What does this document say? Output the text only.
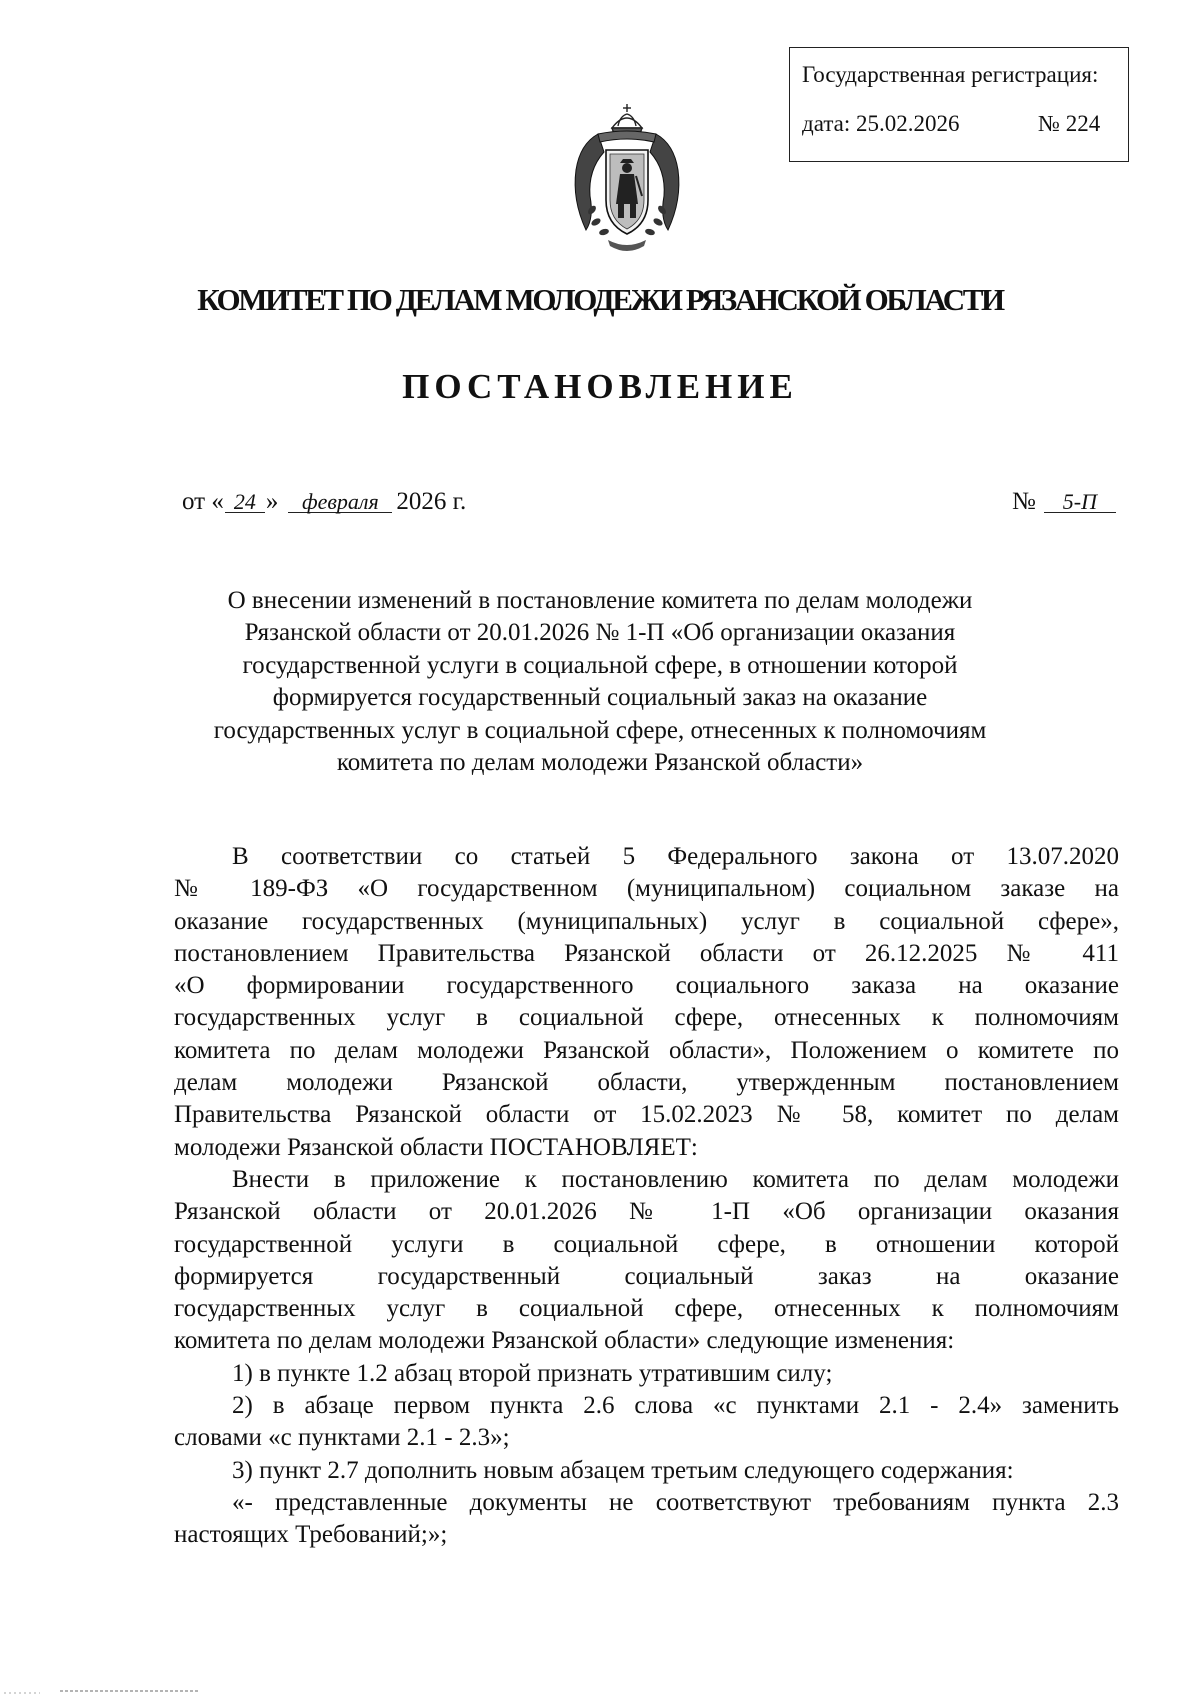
Государственная регистрация:
дата: 25.02.2026	№ 224
КОМИТЕТ ПО ДЕЛАМ МОЛОДЕЖИ РЯЗАНСКОЙ ОБЛАСТИ
ПОСТАНОВЛЕНИЕ
от « 24 » февраля 2026 г.	№ 5-П
О внесении изменений в постановление комитета по делам молодежи
Рязанской области от 20.01.2026 № 1-П «Об организации оказания
государственной услуги в социальной сфере, в отношении которой
формируется государственный социальный заказ на оказание
государственных услуг в социальной сфере, отнесенных к полномочиям
комитета по делам молодежи Рязанской области»
В соответствии со статьей 5 Федерального закона от 13.07.2020
№ 189-ФЗ «О государственном (муниципальном) социальном заказе на
оказание государственных (муниципальных) услуг в социальной сфере»,
постановлением Правительства Рязанской области от 26.12.2025 № 411
«О формировании государственного социального заказа на оказание
государственных услуг в социальной сфере, отнесенных к полномочиям
комитета по делам молодежи Рязанской области», Положением о комитете по
делам молодежи Рязанской области, утвержденным постановлением
Правительства Рязанской области от 15.02.2023 № 58, комитет по делам
молодежи Рязанской области ПОСТАНОВЛЯЕТ:
Внести в приложение к постановлению комитета по делам молодежи
Рязанской области от 20.01.2026 № 1-П «Об организации оказания
государственной услуги в социальной сфере, в отношении которой
формируется государственный социальный заказ на оказание
государственных услуг в социальной сфере, отнесенных к полномочиям
комитета по делам молодежи Рязанской области» следующие изменения:
1) в пункте 1.2 абзац второй признать утратившим силу;
2) в абзаце первом пункта 2.6 слова «с пунктами 2.1 - 2.4» заменить
словами «с пунктами 2.1 - 2.3»;
3) пункт 2.7 дополнить новым абзацем третьим следующего содержания:
«- представленные документы не соответствуют требованиям пункта 2.3
настоящих Требований;»;
